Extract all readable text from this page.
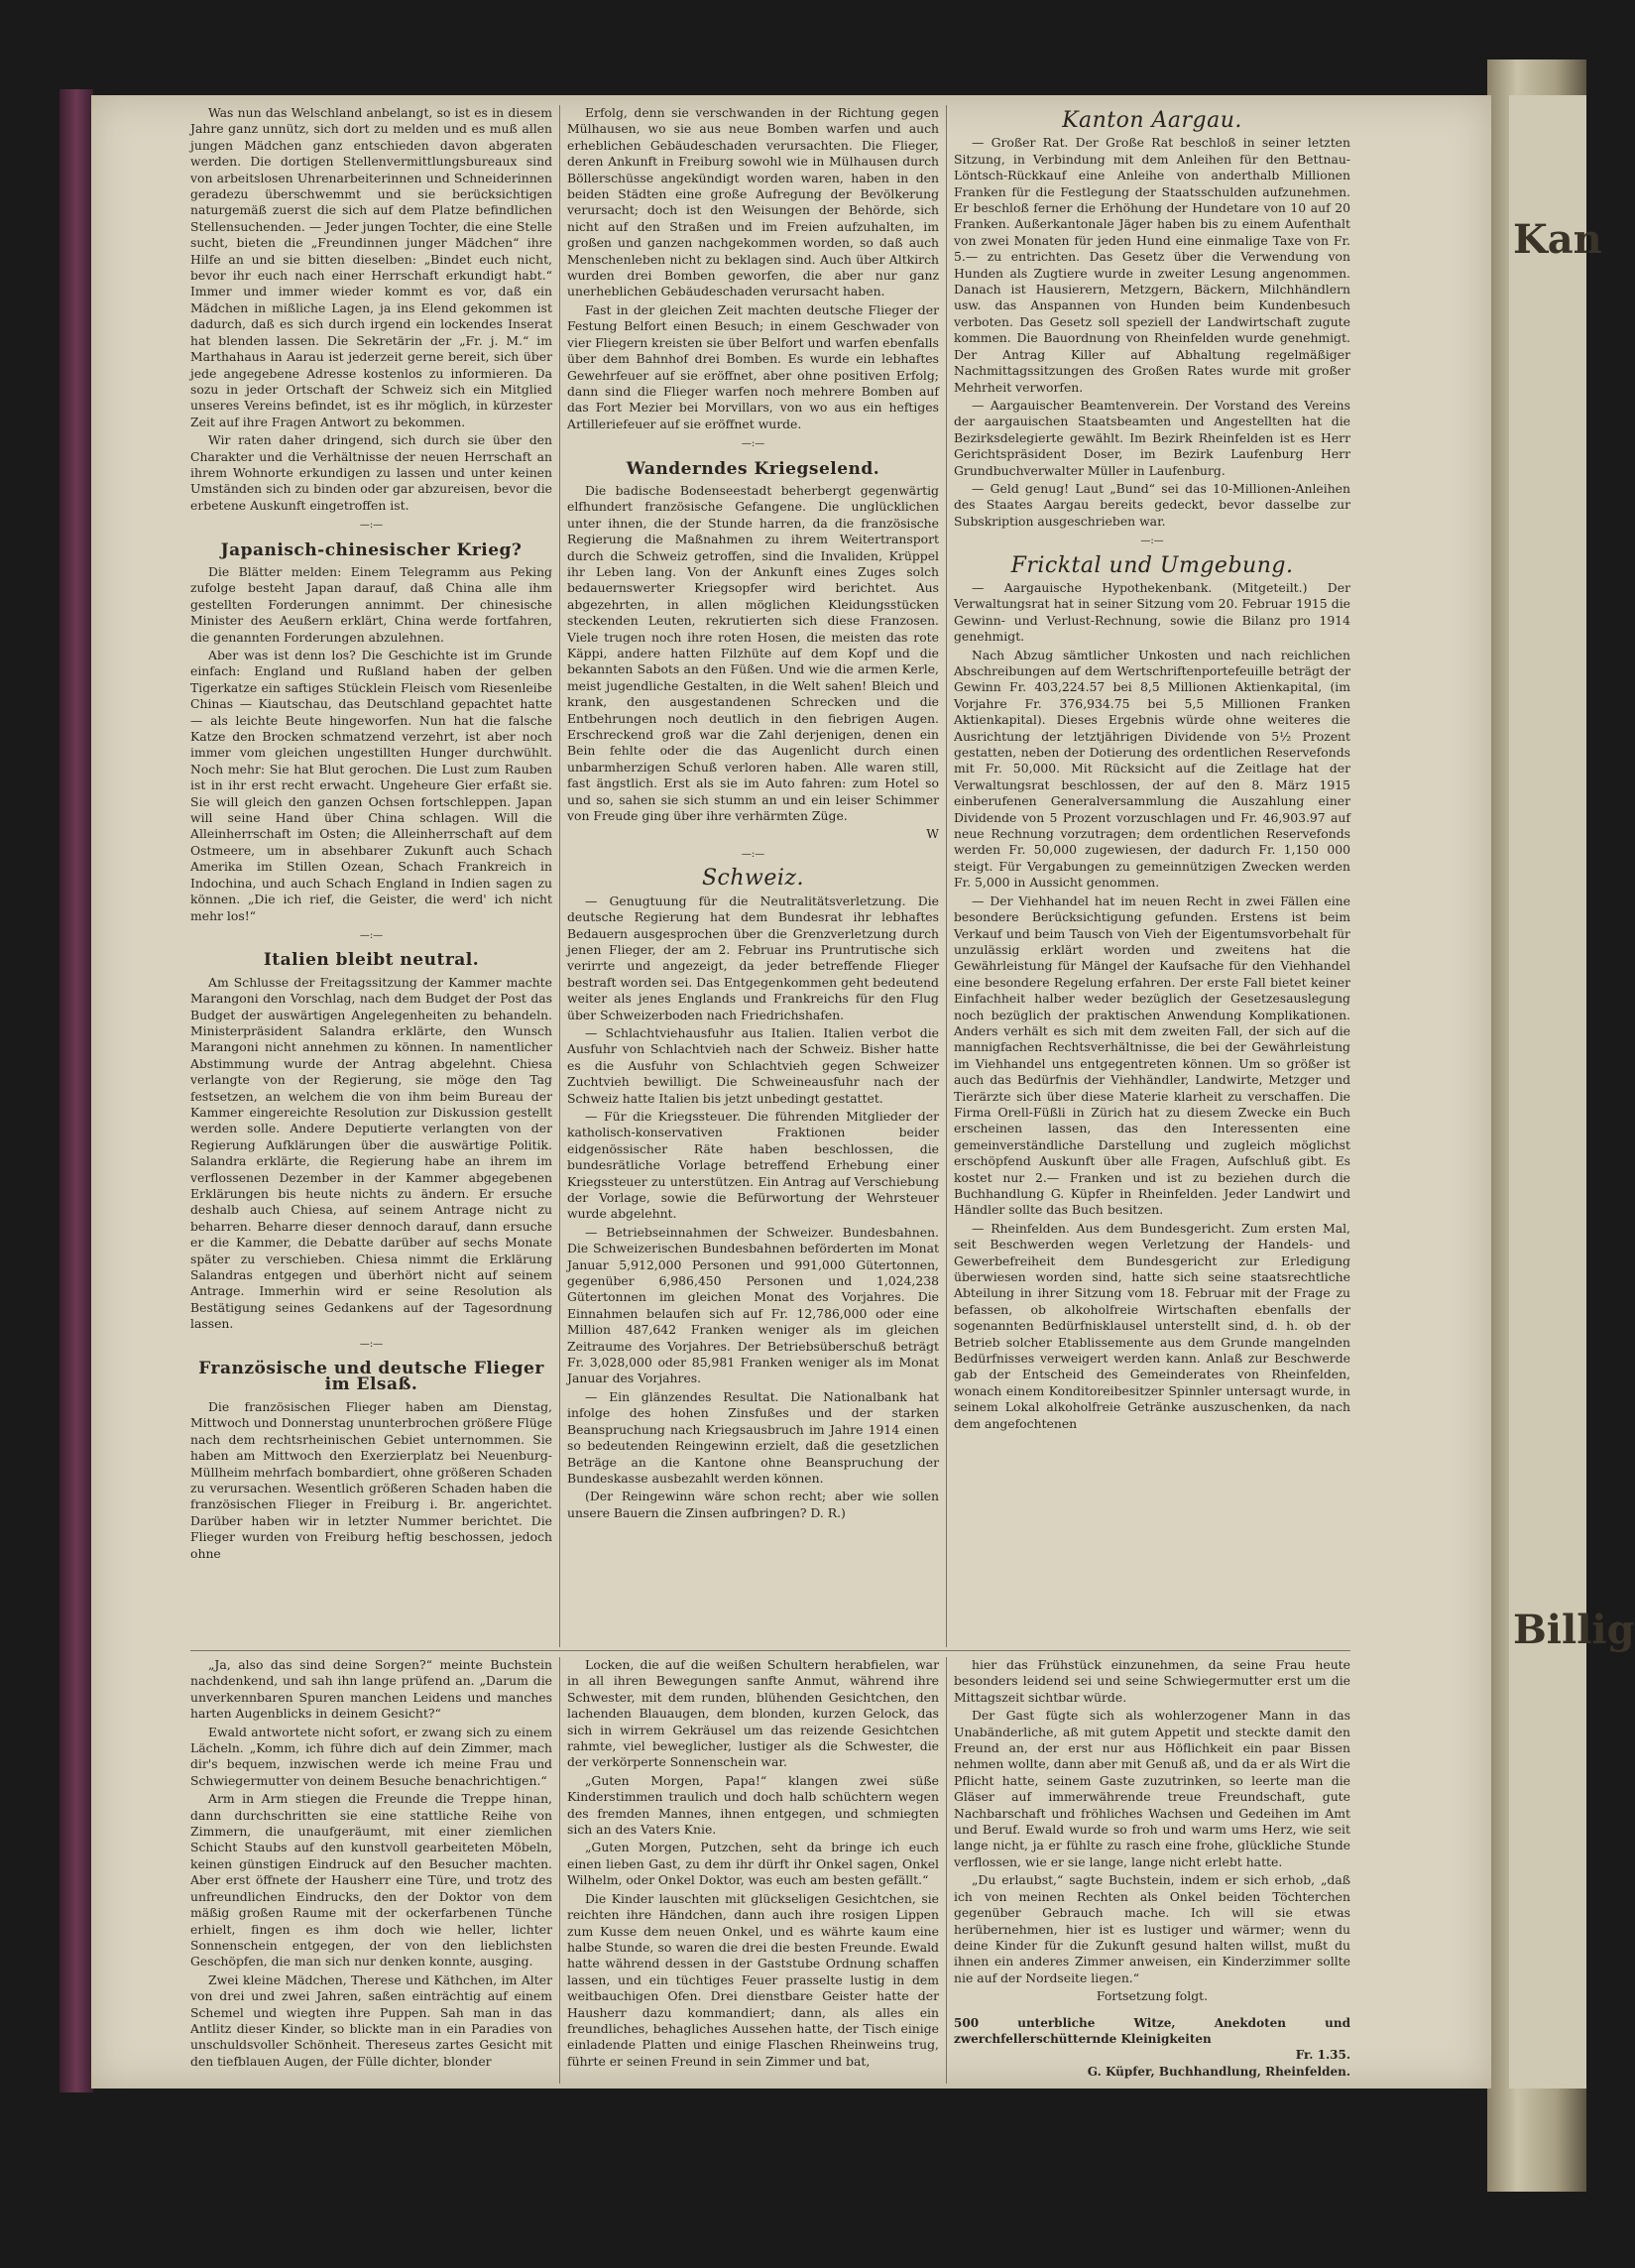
Was nun das Welschland anbelangt, so ist es in diesem Jahre ganz unnütz, sich dort zu melden und es muß allen jungen Mädchen ganz entschieden davon abgeraten werden. Die dortigen Stellenvermittlungsbureaux sind von arbeitslosen Uhrenarbeiterinnen und Schneiderinnen geradezu überschwemmt und sie berücksichtigen naturgemäß zuerst die sich auf dem Platze befindlichen Stellensuchenden. — Jeder jungen Tochter, die eine Stelle sucht, bieten die „Freundinnen junger Mädchen“ ihre Hilfe an und sie bitten dieselben: „Bindet euch nicht, bevor ihr euch nach einer Herrschaft erkundigt habt.“ Immer und immer wieder kommt es vor, daß ein Mädchen in mißliche Lagen, ja ins Elend gekommen ist dadurch, daß es sich durch irgend ein lockendes Inserat hat blenden lassen. Die Sekretärin der „Fr. j. M.“ im Marthahaus in Aarau ist jederzeit gerne bereit, sich über jede angegebene Adresse kostenlos zu informieren. Da sozu in jeder Ortschaft der Schweiz sich ein Mitglied unseres Vereins befindet, ist es ihr möglich, in kürzester Zeit auf ihre Fragen Antwort zu bekommen.

Wir raten daher dringend, sich durch sie über den Charakter und die Verhältnisse der neuen Herrschaft an ihrem Wohnorte erkundigen zu lassen und unter keinen Umständen sich zu binden oder gar abzureisen, bevor die erbetene Auskunft eingetroffen ist.

—:—
Japanisch-chinesischer Krieg?

Die Blätter melden: Einem Telegramm aus Peking zufolge besteht Japan darauf, daß China alle ihm gestellten Forderungen annimmt. Der chinesische Minister des Aeußern erklärt, China werde fortfahren, die genannten Forderungen abzulehnen.

Aber was ist denn los? Die Geschichte ist im Grunde einfach: England und Rußland haben der gelben Tigerkatze ein saftiges Stücklein Fleisch vom Riesenleibe Chinas — Kiautschau, das Deutschland gepachtet hatte — als leichte Beute hingeworfen. Nun hat die falsche Katze den Brocken schmatzend verzehrt, ist aber noch immer vom gleichen ungestillten Hunger durchwühlt. Noch mehr: Sie hat Blut gerochen. Die Lust zum Rauben ist in ihr erst recht erwacht. Ungeheure Gier erfaßt sie. Sie will gleich den ganzen Ochsen fortschleppen. Japan will seine Hand über China schlagen. Will die Alleinherrschaft im Osten; die Alleinherrschaft auf dem Ostmeere, um in absehbarer Zukunft auch Schach Amerika im Stillen Ozean, Schach Frankreich in Indochina, und auch Schach England in Indien sagen zu können. „Die ich rief, die Geister, die werd' ich nicht mehr los!“

—:—
Italien bleibt neutral.

Am Schlusse der Freitagssitzung der Kammer machte Marangoni den Vorschlag, nach dem Budget der Post das Budget der auswärtigen Angelegenheiten zu behandeln. Ministerpräsident Salandra erklärte, den Wunsch Marangoni nicht annehmen zu können. In namentlicher Abstimmung wurde der Antrag abgelehnt. Chiesa verlangte von der Regierung, sie möge den Tag festsetzen, an welchem die von ihm beim Bureau der Kammer eingereichte Resolution zur Diskussion gestellt werden solle. Andere Deputierte verlangten von der Regierung Aufklärungen über die auswärtige Politik. Salandra erklärte, die Regierung habe an ihrem im verflossenen Dezember in der Kammer abgegebenen Erklärungen bis heute nichts zu ändern. Er ersuche deshalb auch Chiesa, auf seinem Antrage nicht zu beharren. Beharre dieser dennoch darauf, dann ersuche er die Kammer, die Debatte darüber auf sechs Monate später zu verschieben. Chiesa nimmt die Erklärung Salandras entgegen und überhört nicht auf seinem Antrage. Immerhin wird er seine Resolution als Bestätigung seines Gedankens auf der Tagesordnung lassen.

—:—
Französische und deutsche Flieger im Elsaß.

Die französischen Flieger haben am Dienstag, Mittwoch und Donnerstag ununterbrochen größere Flüge nach dem rechtsrheinischen Gebiet unternommen. Sie haben am Mittwoch den Exerzierplatz bei Neuenburg-Müllheim mehrfach bombardiert, ohne größeren Schaden zu verursachen. Wesentlich größeren Schaden haben die französischen Flieger in Freiburg i. Br. angerichtet. Darüber haben wir in letzter Nummer berichtet. Die Flieger wurden von Freiburg heftig beschossen, jedoch ohne

Erfolg, denn sie verschwanden in der Richtung gegen Mülhausen, wo sie aus neue Bomben warfen und auch erheblichen Gebäudeschaden verursachten. Die Flieger, deren Ankunft in Freiburg sowohl wie in Mülhausen durch Böllerschüsse angekündigt worden waren, haben in den beiden Städten eine große Aufregung der Bevölkerung verursacht; doch ist den Weisungen der Behörde, sich nicht auf den Straßen und im Freien aufzuhalten, im großen und ganzen nachgekommen worden, so daß auch Menschenleben nicht zu beklagen sind. Auch über Altkirch wurden drei Bomben geworfen, die aber nur ganz unerheblichen Gebäudeschaden verursacht haben.

Fast in der gleichen Zeit machten deutsche Flieger der Festung Belfort einen Besuch; in einem Geschwader von vier Fliegern kreisten sie über Belfort und warfen ebenfalls über dem Bahnhof drei Bomben. Es wurde ein lebhaftes Gewehrfeuer auf sie eröffnet, aber ohne positiven Erfolg; dann sind die Flieger warfen noch mehrere Bomben auf das Fort Mezier bei Morvillars, von wo aus ein heftiges Artilleriefeuer auf sie eröffnet wurde.

—:—
Wanderndes Kriegselend.

Die badische Bodenseestadt beherbergt gegenwärtig elfhundert französische Gefangene. Die unglücklichen unter ihnen, die der Stunde harren, da die französische Regierung die Maßnahmen zu ihrem Weitertransport durch die Schweiz getroffen, sind die Invaliden, Krüppel ihr Leben lang. Von der Ankunft eines Zuges solch bedauernswerter Kriegsopfer wird berichtet. Aus abgezehrten, in allen möglichen Kleidungsstücken steckenden Leuten, rekrutierten sich diese Franzosen. Viele trugen noch ihre roten Hosen, die meisten das rote Käppi, andere hatten Filzhüte auf dem Kopf und die bekannten Sabots an den Füßen. Und wie die armen Kerle, meist jugendliche Gestalten, in die Welt sahen! Bleich und krank, den ausgestandenen Schrecken und die Entbehrungen noch deutlich in den fiebrigen Augen. Erschreckend groß war die Zahl derjenigen, denen ein Bein fehlte oder die das Augenlicht durch einen unbarmherzigen Schuß verloren haben. Alle waren still, fast ängstlich. Erst als sie im Auto fahren: zum Hotel so und so, sahen sie sich stumm an und ein leiser Schimmer von Freude ging über ihre verhärmten Züge.

W
—:—
Schweiz.

— Genugtuung für die Neutralitätsverletzung. Die deutsche Regierung hat dem Bundesrat ihr lebhaftes Bedauern ausgesprochen über die Grenzverletzung durch jenen Flieger, der am 2. Februar ins Pruntrutische sich verirrte und angezeigt, da jeder betreffende Flieger bestraft worden sei. Das Entgegenkommen geht bedeutend weiter als jenes Englands und Frankreichs für den Flug über Schweizerboden nach Friedrichshafen.

— Schlachtviehausfuhr aus Italien. Italien verbot die Ausfuhr von Schlachtvieh nach der Schweiz. Bisher hatte es die Ausfuhr von Schlachtvieh gegen Schweizer Zuchtvieh bewilligt. Die Schweineausfuhr nach der Schweiz hatte Italien bis jetzt unbedingt gestattet.

— Für die Kriegssteuer. Die führenden Mitglieder der katholisch-konservativen Fraktionen beider eidgenössischer Räte haben beschlossen, die bundesrätliche Vorlage betreffend Erhebung einer Kriegssteuer zu unterstützen. Ein Antrag auf Verschiebung der Vorlage, sowie die Befürwortung der Wehrsteuer wurde abgelehnt.

— Betriebseinnahmen der Schweizer. Bundesbahnen. Die Schweizerischen Bundesbahnen beförderten im Monat Januar 5,912,000 Personen und 991,000 Gütertonnen, gegenüber 6,986,450 Personen und 1,024,238 Gütertonnen im gleichen Monat des Vorjahres. Die Einnahmen belaufen sich auf Fr. 12,786,000 oder eine Million 487,642 Franken weniger als im gleichen Zeitraume des Vorjahres. Der Betriebsüberschuß beträgt Fr. 3,028,000 oder 85,981 Franken weniger als im Monat Januar des Vorjahres.

— Ein glänzendes Resultat. Die Nationalbank hat infolge des hohen Zinsfußes und der starken Beanspruchung nach Kriegsausbruch im Jahre 1914 einen so bedeutenden Reingewinn erzielt, daß die gesetzlichen Beträge an die Kantone ohne Beanspruchung der Bundeskasse ausbezahlt werden können.

(Der Reingewinn wäre schon recht; aber wie sollen unsere Bauern die Zinsen aufbringen? D. R.)

Kanton Aargau.

— Großer Rat. Der Große Rat beschloß in seiner letzten Sitzung, in Verbindung mit dem Anleihen für den Bettnau-Löntsch-Rückkauf eine Anleihe von anderthalb Millionen Franken für die Festlegung der Staatsschulden aufzunehmen. Er beschloß ferner die Erhöhung der Hundetare von 10 auf 20 Franken. Außerkantonale Jäger haben bis zu einem Aufenthalt von zwei Monaten für jeden Hund eine einmalige Taxe von Fr. 5.— zu entrichten. Das Gesetz über die Verwendung von Hunden als Zugtiere wurde in zweiter Lesung angenommen. Danach ist Hausierern, Metzgern, Bäckern, Milchhändlern usw. das Anspannen von Hunden beim Kundenbesuch verboten. Das Gesetz soll speziell der Landwirtschaft zugute kommen. Die Bauordnung von Rheinfelden wurde genehmigt. Der Antrag Killer auf Abhaltung regelmäßiger Nachmittagssitzungen des Großen Rates wurde mit großer Mehrheit verworfen.

— Aargauischer Beamtenverein. Der Vorstand des Vereins der aargauischen Staatsbeamten und Angestellten hat die Bezirksdelegierte gewählt. Im Bezirk Rheinfelden ist es Herr Gerichtspräsident Doser, im Bezirk Laufenburg Herr Grundbuchverwalter Müller in Laufenburg.

— Geld genug! Laut „Bund“ sei das 10-Millionen-Anleihen des Staates Aargau bereits gedeckt, bevor dasselbe zur Subskription ausgeschrieben war.

—:—
Fricktal und Umgebung.

— Aargauische Hypothekenbank. (Mitgeteilt.) Der Verwaltungsrat hat in seiner Sitzung vom 20. Februar 1915 die Gewinn- und Verlust-Rechnung, sowie die Bilanz pro 1914 genehmigt.

Nach Abzug sämtlicher Unkosten und nach reichlichen Abschreibungen auf dem Wertschriftenportefeuille beträgt der Gewinn Fr. 403,224.57 bei 8,5 Millionen Aktienkapital, (im Vorjahre Fr. 376,934.75 bei 5,5 Millionen Franken Aktienkapital). Dieses Ergebnis würde ohne weiteres die Ausrichtung der letztjährigen Dividende von 5½ Prozent gestatten, neben der Dotierung des ordentlichen Reservefonds mit Fr. 50,000. Mit Rücksicht auf die Zeitlage hat der Verwaltungsrat beschlossen, der auf den 8. März 1915 einberufenen Generalversammlung die Auszahlung einer Dividende von 5 Prozent vorzuschlagen und Fr. 46,903.97 auf neue Rechnung vorzutragen; dem ordentlichen Reservefonds werden Fr. 50,000 zugewiesen, der dadurch Fr. 1,150 000 steigt. Für Vergabungen zu gemeinnützigen Zwecken werden Fr. 5,000 in Aussicht genommen.

— Der Viehhandel hat im neuen Recht in zwei Fällen eine besondere Berücksichtigung gefunden. Erstens ist beim Verkauf und beim Tausch von Vieh der Eigentumsvorbehalt für unzulässig erklärt worden und zweitens hat die Gewährleistung für Mängel der Kaufsache für den Viehhandel eine besondere Regelung erfahren. Der erste Fall bietet keiner Einfachheit halber weder bezüglich der Gesetzesauslegung noch bezüglich der praktischen Anwendung Komplikationen. Anders verhält es sich mit dem zweiten Fall, der sich auf die mannigfachen Rechtsverhältnisse, die bei der Gewährleistung im Viehhandel uns entgegentreten können. Um so größer ist auch das Bedürfnis der Viehhändler, Landwirte, Metzger und Tierärzte sich über diese Materie klarheit zu verschaffen. Die Firma Orell-Füßli in Zürich hat zu diesem Zwecke ein Buch erscheinen lassen, das den Interessenten eine gemeinverständliche Darstellung und zugleich möglichst erschöpfend Auskunft über alle Fragen, Aufschluß gibt. Es kostet nur 2.— Franken und ist zu beziehen durch die Buchhandlung G. Küpfer in Rheinfelden. Jeder Landwirt und Händler sollte das Buch besitzen.

— Rheinfelden. Aus dem Bundesgericht. Zum ersten Mal, seit Beschwerden wegen Verletzung der Handels- und Gewerbefreiheit dem Bundesgericht zur Erledigung überwiesen worden sind, hatte sich seine staatsrechtliche Abteilung in ihrer Sitzung vom 18. Februar mit der Frage zu befassen, ob alkoholfreie Wirtschaften ebenfalls der sogenannten Bedürfnisklausel unterstellt sind, d. h. ob der Betrieb solcher Etablissemente aus dem Grunde mangelnden Bedürfnisses verweigert werden kann. Anlaß zur Beschwerde gab der Entscheid des Gemeinderates von Rheinfelden, wonach einem Konditoreibesitzer Spinnler untersagt wurde, in seinem Lokal alkoholfreie Getränke auszuschenken, da nach dem angefochtenen

„Ja, also das sind deine Sorgen?“ meinte Buchstein nachdenkend, und sah ihn lange prüfend an. „Darum die unverkennbaren Spuren manchen Leidens und manches harten Augenblicks in deinem Gesicht?“

Ewald antwortete nicht sofort, er zwang sich zu einem Lächeln. „Komm, ich führe dich auf dein Zimmer, mach dir's bequem, inzwischen werde ich meine Frau und Schwiegermutter von deinem Besuche benachrichtigen.“

Arm in Arm stiegen die Freunde die Treppe hinan, dann durchschritten sie eine stattliche Reihe von Zimmern, die unaufgeräumt, mit einer ziemlichen Schicht Staubs auf den kunstvoll gearbeiteten Möbeln, keinen günstigen Eindruck auf den Besucher machten. Aber erst öffnete der Hausherr eine Türe, und trotz des unfreundlichen Eindrucks, den der Doktor von dem mäßig großen Raume mit der ockerfarbenen Tünche erhielt, fingen es ihm doch wie heller, lichter Sonnenschein entgegen, der von den lieblichsten Geschöpfen, die man sich nur denken konnte, ausging.

Zwei kleine Mädchen, Therese und Käthchen, im Alter von drei und zwei Jahren, saßen einträchtig auf einem Schemel und wiegten ihre Puppen. Sah man in das Antlitz dieser Kinder, so blickte man in ein Paradies von unschuldsvoller Schönheit. Thereseus zartes Gesicht mit den tiefblauen Augen, der Fülle dichter, blonder

Locken, die auf die weißen Schultern herabfielen, war in all ihren Bewegungen sanfte Anmut, während ihre Schwester, mit dem runden, blühenden Gesichtchen, den lachenden Blauaugen, dem blonden, kurzen Gelock, das sich in wirrem Gekräusel um das reizende Gesichtchen rahmte, viel beweglicher, lustiger als die Schwester, die der verkörperte Sonnenschein war.

„Guten Morgen, Papa!“ klangen zwei süße Kinderstimmen traulich und doch halb schüchtern wegen des fremden Mannes, ihnen entgegen, und schmiegten sich an des Vaters Knie.

„Guten Morgen, Putzchen, seht da bringe ich euch einen lieben Gast, zu dem ihr dürft ihr Onkel sagen, Onkel Wilhelm, oder Onkel Doktor, was euch am besten gefällt.“

Die Kinder lauschten mit glückseligen Gesichtchen, sie reichten ihre Händchen, dann auch ihre rosigen Lippen zum Kusse dem neuen Onkel, und es währte kaum eine halbe Stunde, so waren die drei die besten Freunde. Ewald hatte während dessen in der Gaststube Ordnung schaffen lassen, und ein tüchtiges Feuer prasselte lustig in dem weitbauchigen Ofen. Drei dienstbare Geister hatte der Hausherr dazu kommandiert; dann, als alles ein freundliches, behagliches Aussehen hatte, der Tisch einige einladende Platten und einige Flaschen Rheinweins trug, führte er seinen Freund in sein Zimmer und bat,

hier das Frühstück einzunehmen, da seine Frau heute besonders leidend sei und seine Schwiegermutter erst um die Mittagszeit sichtbar würde.

Der Gast fügte sich als wohlerzogener Mann in das Unabänderliche, aß mit gutem Appetit und steckte damit den Freund an, der erst nur aus Höflichkeit ein paar Bissen nehmen wollte, dann aber mit Genuß aß, und da er als Wirt die Pflicht hatte, seinem Gaste zuzutrinken, so leerte man die Gläser auf immerwährende treue Freundschaft, gute Nachbarschaft und fröhliches Wachsen und Gedeihen im Amt und Beruf. Ewald wurde so froh und warm ums Herz, wie seit lange nicht, ja er fühlte zu rasch eine frohe, glückliche Stunde verflossen, wie er sie lange, lange nicht erlebt hatte.

„Du erlaubst,“ sagte Buchstein, indem er sich erhob, „daß ich von meinen Rechten als Onkel beiden Töchterchen gegenüber Gebrauch mache. Ich will sie etwas herübernehmen, hier ist es lustiger und wärmer; wenn du deine Kinder für die Zukunft gesund halten willst, mußt du ihnen ein anderes Zimmer anweisen, ein Kinderzimmer sollte nie auf der Nordseite liegen.“

Fortsetzung folgt.
500 unterbliche Witze, Anekdoten und zwerchfellerschütternde Kleinigkeiten
Fr. 1.35.
G. Küpfer, Buchhandlung, Rheinfelden.
Kan
Billig
